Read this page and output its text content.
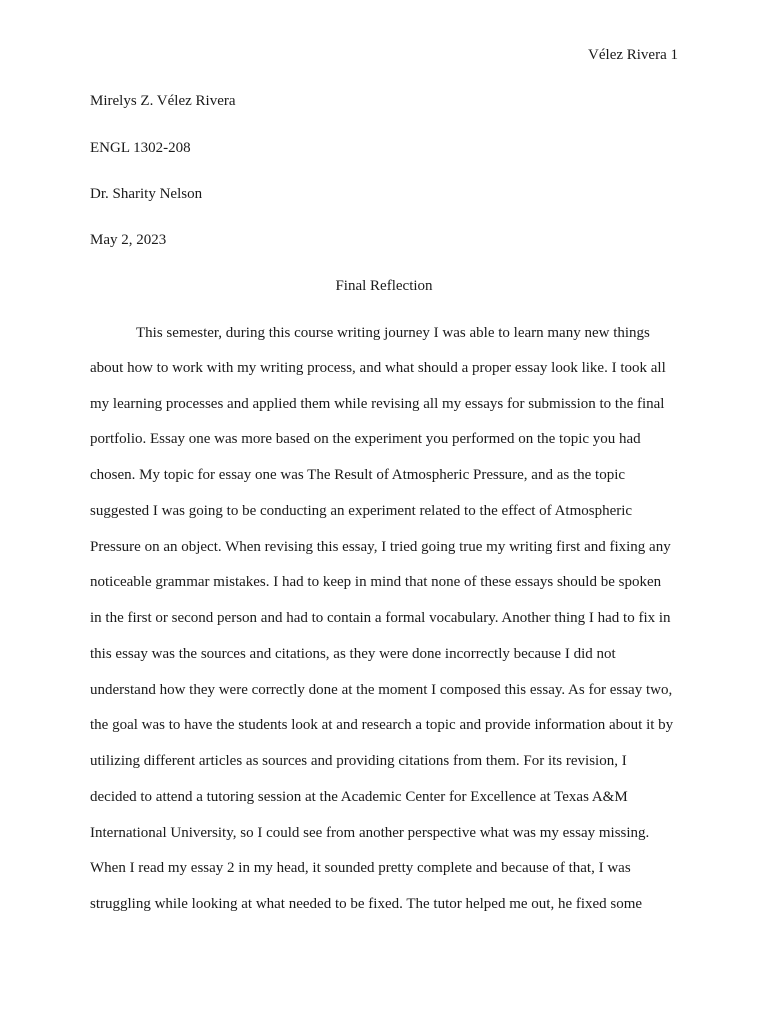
Vélez Rivera 1
Mirelys Z. Vélez Rivera
ENGL 1302-208
Dr. Sharity Nelson
May 2, 2023
Final Reflection
This semester, during this course writing journey I was able to learn many new things
about how to work with my writing process, and what should a proper essay look like. I took all
my learning processes and applied them while revising all my essays for submission to the final
portfolio. Essay one was more based on the experiment you performed on the topic you had
chosen. My topic for essay one was The Result of Atmospheric Pressure, and as the topic
suggested I was going to be conducting an experiment related to the effect of Atmospheric
Pressure on an object. When revising this essay, I tried going true my writing first and fixing any
noticeable grammar mistakes. I had to keep in mind that none of these essays should be spoken
in the first or second person and had to contain a formal vocabulary. Another thing I had to fix in
this essay was the sources and citations, as they were done incorrectly because I did not
understand how they were correctly done at the moment I composed this essay. As for essay two,
the goal was to have the students look at and research a topic and provide information about it by
utilizing different articles as sources and providing citations from them. For its revision, I
decided to attend a tutoring session at the Academic Center for Excellence at Texas A&M
International University, so I could see from another perspective what was my essay missing.
When I read my essay 2 in my head, it sounded pretty complete and because of that, I was
struggling while looking at what needed to be fixed. The tutor helped me out, he fixed some
